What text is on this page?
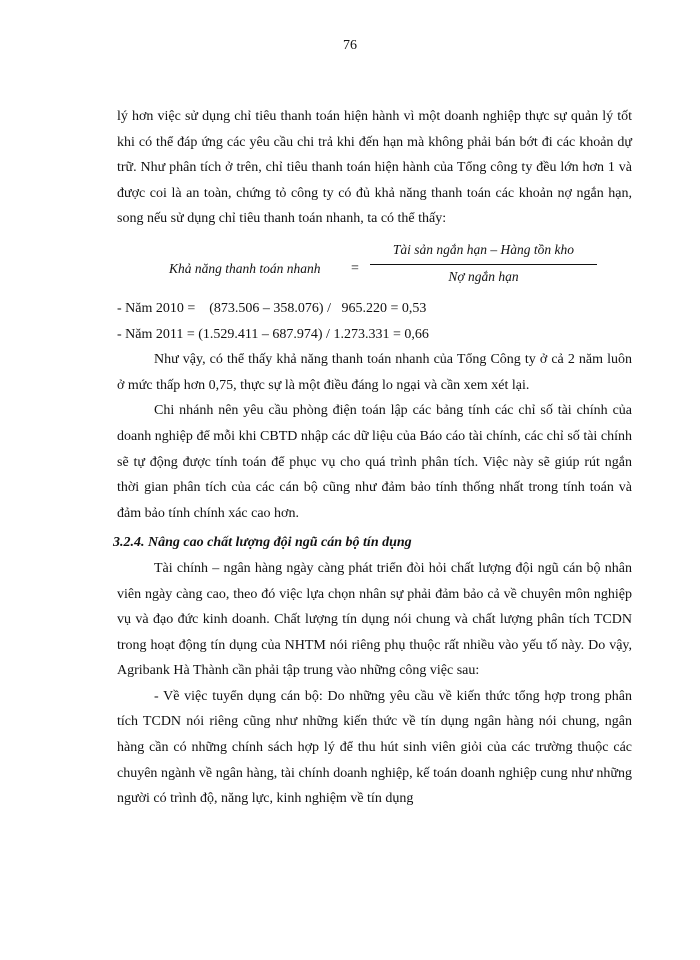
76

lý hơn việc sử dụng chỉ tiêu thanh toán hiện hành vì một doanh nghiệp thực sự quản lý tốt khi có thể đáp ứng các yêu cầu chi trả khi đến hạn mà không phải bán bớt đi các khoản dự trữ. Như phân tích ở trên, chỉ tiêu thanh toán hiện hành của Tổng công ty đều lớn hơn 1 và được coi là an toàn, chứng tỏ công ty có đủ khả năng thanh toán các khoản nợ ngắn hạn, song nếu sử dụng chỉ tiêu thanh toán nhanh, ta có thể thấy:

Khả năng thanh toán nhanh =
Tài sản ngắn hạn – Hàng tồn kho
Nợ ngắn hạn

- Năm 2010 =    (873.506 – 358.076) /   965.220 = 0,53

- Năm 2011 = (1.529.411 – 687.974) / 1.273.331 = 0,66

Như vậy, có thể thấy khả năng thanh toán nhanh của Tổng Công ty ở cả 2 năm luôn ở mức thấp hơn 0,75, thực sự là một điều đáng lo ngại và cần xem xét lại.

Chi nhánh nên yêu cầu phòng điện toán lập các bảng tính các chỉ số tài chính của doanh nghiệp để mỗi khi CBTD nhập các dữ liệu của Báo cáo tài chính, các chỉ số tài chính sẽ tự động được tính toán để phục vụ cho quá trình phân tích. Việc này sẽ giúp rút ngắn thời gian phân tích của các cán bộ cũng như đảm bảo tính thống nhất trong tính toán và đảm bảo tính chính xác cao hơn.

3.2.4. Nâng cao chất lượng đội ngũ cán bộ tín dụng

Tài chính – ngân hàng ngày càng phát triển đòi hỏi chất lượng đội ngũ cán bộ nhân viên ngày càng cao, theo đó việc lựa chọn nhân sự phải đảm bảo cả về chuyên môn nghiệp vụ và đạo đức kinh doanh. Chất lượng tín dụng nói chung và chất lượng phân tích TCDN trong hoạt động tín dụng của NHTM nói riêng phụ thuộc rất nhiều vào yếu tố này. Do vậy, Agribank Hà Thành cần phải tập trung vào những công việc sau:

- Về việc tuyển dụng cán bộ: Do những yêu cầu về kiến thức tổng hợp trong phân tích TCDN nói riêng cũng như những kiến thức về tín dụng ngân hàng nói chung, ngân hàng cần có những chính sách hợp lý để thu hút sinh viên giỏi của các trường thuộc các chuyên ngành về ngân hàng, tài chính doanh nghiệp, kế toán doanh nghiệp cung như những người có trình độ, năng lực, kinh nghiệm về tín dụng
